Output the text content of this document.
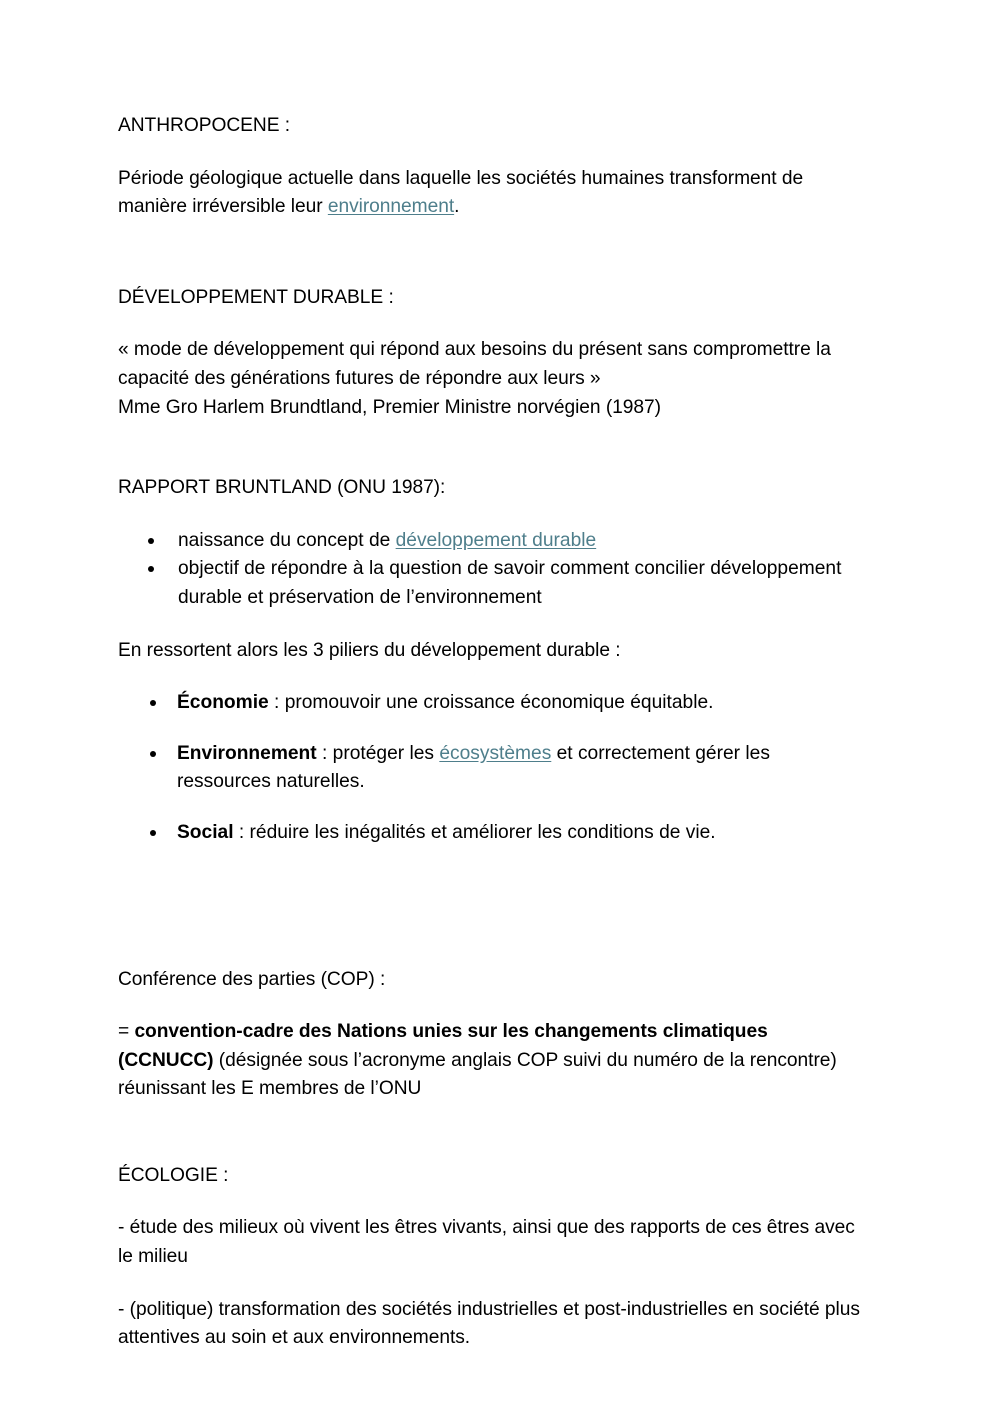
ANTHROPOCENE :

Période géologique actuelle dans laquelle les sociétés humaines transform​ent de manière irréversible leur environnement.

DÉVELOPPEMENT DURABLE :

« mode de développement qui répond aux besoins du présent sans compromettre la capacité des générations futures de répondre aux leurs »

Mme Gro Harlem Brundtland, Premier Ministre norvégien (1987)

RAPPORT BRUNTLAND (ONU 1987):

naissance du concept de développement durable
objectif de répondre à la question de savoir comment concilier développement durable et préservation de l’environnement

En ressortent alors les 3 piliers du développement durable :

Économie : promouvoir une croissance économique équitable.
Environnement : protéger les écosystèmes et correctement gérer les ressources naturelles.
Social : réduire les inégalités et améliorer les conditions de vie.

Conférence des parties (COP) :

= convention-cadre des Nations unies sur les changements climatiques (CCNUCC) (désignée sous l’acronyme anglais COP suivi du numéro de la rencontre) réunissant les E membres de l’ONU

ÉCOLOGIE :

- étude des milieux où vivent les êtres vivants, ainsi que des rapports de ces êtres avec le milieu

- (politique) transformation des sociétés industrielles et post-industrielles en société plus attentives au soin et aux environnements.
